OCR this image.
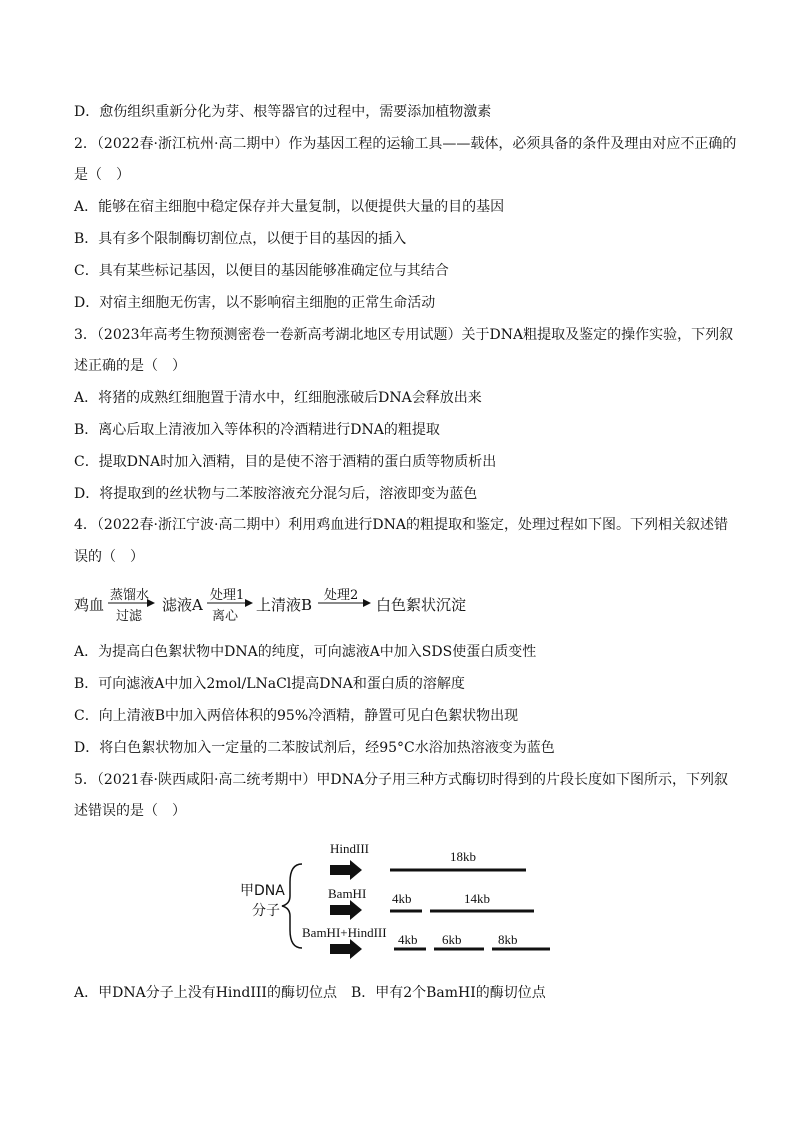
D．愈伤组织重新分化为芽、根等器官的过程中，需要添加植物激素
2．（2022春·浙江杭州·高二期中）作为基因工程的运输工具——载体，必须具备的条件及理由对应不正确的
是（　）
A．能够在宿主细胞中稳定保存并大量复制，以便提供大量的目的基因
B．具有多个限制酶切割位点，以便于目的基因的插入
C．具有某些标记基因，以便目的基因能够准确定位与其结合
D．对宿主细胞无伤害，以不影响宿主细胞的正常生命活动
3．（2023年高考生物预测密卷一卷新高考湖北地区专用试题）关于DNA粗提取及鉴定的操作实验，下列叙
述正确的是（　）
A．将猪的成熟红细胞置于清水中，红细胞涨破后DNA会释放出来
B．离心后取上清液加入等体积的冷酒精进行DNA的粗提取
C．提取DNA时加入酒精，目的是使不溶于酒精的蛋白质等物质析出
D．将提取到的丝状物与二苯胺溶液充分混匀后，溶液即变为蓝色
4．（2022春·浙江宁波·高二期中）利用鸡血进行DNA的粗提取和鉴定，处理过程如下图。下列相关叙述错
误的（　）
鸡血
蒸馏水
过滤
滤液A
处理1
离心
上清液B
处理2
白色絮状沉淀
A．为提高白色絮状物中DNA的纯度，可向滤液A中加入SDS使蛋白质变性
B．可向滤液A中加入2mol/LNaCl提高DNA和蛋白质的溶解度
C．向上清液B中加入两倍体积的95%冷酒精，静置可见白色絮状物出现
D．将白色絮状物加入一定量的二苯胺试剂后，经95°C水浴加热溶液变为蓝色
5．（2021春·陕西咸阳·高二统考期中）甲DNA分子用三种方式酶切时得到的片段长度如下图所示，下列叙
述错误的是（　）
甲DNA
分子
HindIII
BamHI
BamHI+HindIII
18kb
4kb	14kb
4kb 6kb	8kb
A．甲DNA分子上没有HindIII的酶切位点　B．甲有2个BamHI的酶切位点
